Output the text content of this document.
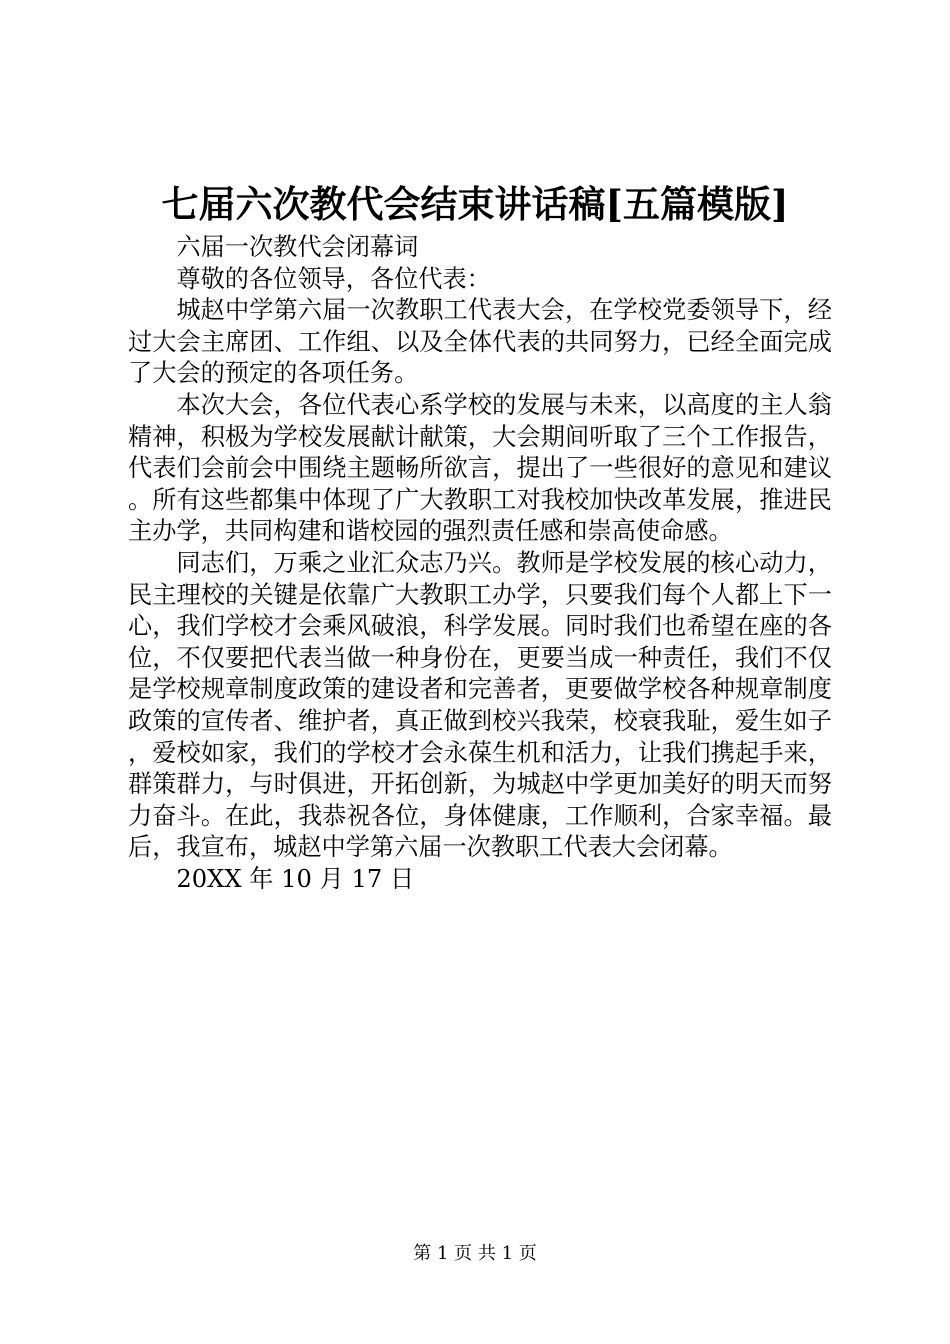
七届六次教代会结束讲话稿[五篇模版]

六届一次教代会闭幕词

尊敬的各位领导，各位代表：

城赵中学第六届一次教职工代表大会，在学校党委领导下，经过大会主席团、工作组、以及全体代表的共同努力，已经全面完成了大会的预定的各项任务。

本次大会，各位代表心系学校的发展与未来，以高度的主人翁精神，积极为学校发展献计献策，大会期间听取了三个工作报告，代表们会前会中围绕主题畅所欲言，提出了一些很好的意见和建议。所有这些都集中体现了广大教职工对我校加快改革发展，推进民主办学，共同构建和谐校园的强烈责任感和崇高使命感。

同志们，万乘之业汇众志乃兴。教师是学校发展的核心动力，民主理校的关键是依靠广大教职工办学，只要我们每个人都上下一心，我们学校才会乘风破浪，科学发展。同时我们也希望在座的各位，不仅要把代表当做一种身份在，更要当成一种责任，我们不仅是学校规章制度政策的建设者和完善者，更要做学校各种规章制度政策的宣传者、维护者，真正做到校兴我荣，校衰我耻，爱生如子，爱校如家，我们的学校才会永葆生机和活力，让我们携起手来，群策群力，与时俱进，开拓创新，为城赵中学更加美好的明天而努力奋斗。在此，我恭祝各位，身体健康，工作顺利，合家幸福。最后，我宣布，城赵中学第六届一次教职工代表大会闭幕。

20XX 年 10 月 17 日

第 1 页 共 1 页
